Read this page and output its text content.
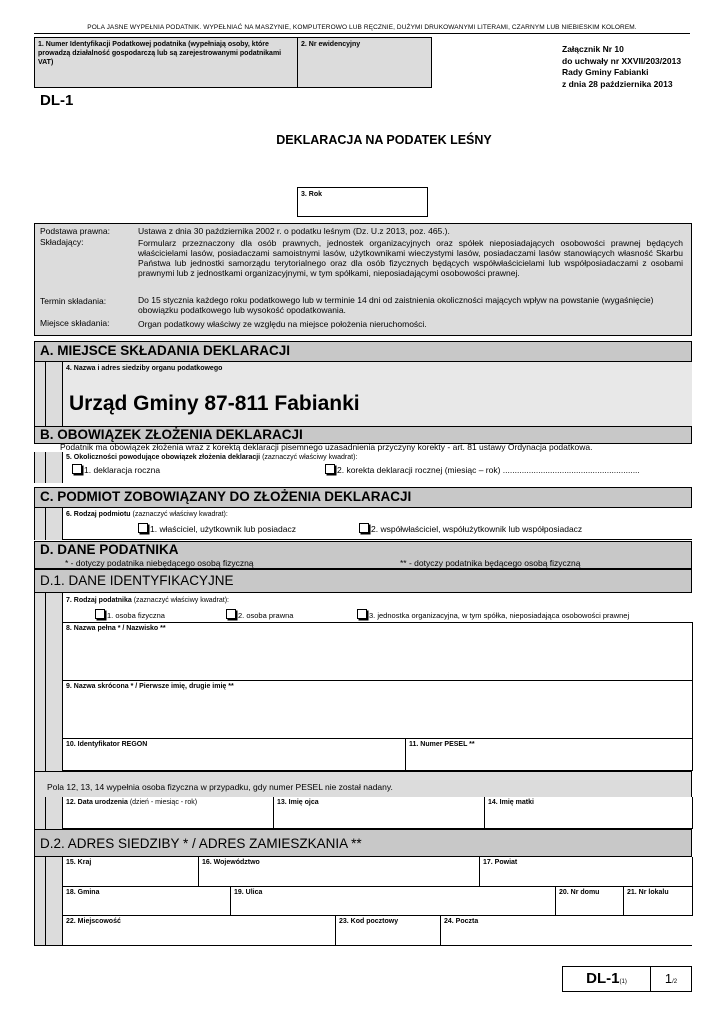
POLA JASNE WYPEŁNIA PODATNIK. WYPEŁNIAĆ NA MASZYNIE, KOMPUTEROWO LUB RĘCZNIE, DUŻYMI DRUKOWANYMI LITERAMI, CZARNYM LUB NIEBIESKIM KOLOREM.
1. Numer Identyfikacji Podatkowej podatnika (wypełniają osoby, które prowadzą działalność gospodarczą lub są zarejestrowanymi podatnikami VAT)
2. Nr ewidencyjny	Załącznik Nr 10
do uchwały nr XXVII/203/2013
Rady Gminy Fabianki
z dnia 28 października 2013
DL-1
DEKLARACJA NA PODATEK LEŚNY
3. Rok
Podstawa prawna:	Ustawa z dnia 30 października 2002 r. o podatku leśnym (Dz. U.z 2013, poz. 465.).
Składający:	Formularz przeznaczony dla osób prawnych, jednostek organizacyjnych oraz spółek nieposiadających osobowości prawnej będących właścicielami lasów, posiadaczami samoistnymi lasów, użytkownikami wieczystymi lasów, posiadaczami lasów stanowiących własność Skarbu Państwa lub jednostki samorządu terytorialnego oraz dla osób fizycznych będących współwłaścicielami lub współposiadaczami z osobami prawnymi lub z jednostkami organizacyjnymi, w tym spółkami, nieposiadającymi osobowości prawnej.
Termin składania:	Do 15 stycznia każdego roku podatkowego lub w terminie 14 dni od zaistnienia okoliczności mających wpływ na powstanie (wygaśnięcie) obowiązku podatkowego lub wysokość opodatkowania.
Miejsce składania:	Organ podatkowy właściwy ze względu na miejsce położenia nieruchomości.
A. MIEJSCE SKŁADANIA DEKLARACJI
4. Nazwa i adres siedziby organu podatkowego
Urząd Gminy 87-811 Fabianki
B. OBOWIĄZEK ZŁOŻENIA DEKLARACJI
Podatnik ma obowiązek złożenia wraz z korektą deklaracji pisemnego uzasadnienia przyczyny korekty - art. 81 ustawy Ordynacja podatkowa.
5. Okoliczności powodujące obowiązek złożenia deklaracji (zaznaczyć właściwy kwadrat):
1. deklaracja roczna	2. korekta deklaracji rocznej (miesiąc – rok) ..........................................................
C. PODMIOT ZOBOWIĄZANY DO ZŁOŻENIA DEKLARACJI
6. Rodzaj podmiotu (zaznaczyć właściwy kwadrat):
1. właściciel, użytkownik lub posiadacz	2. współwłaściciel, współużytkownik lub współposiadacz
D. DANE PODATNIKA
* - dotyczy podatnika niebędącego osobą fizyczną	** - dotyczy podatnika będącego osobą fizyczną
D.1. DANE IDENTYFIKACYJNE
7. Rodzaj podatnika (zaznaczyć właściwy kwadrat):
1. osoba fizyczna	2. osoba prawna	3. jednostka organizacyjna, w tym spółka, nieposiadająca osobowości prawnej
8. Nazwa pełna * / Nazwisko **
9. Nazwa skrócona * / Pierwsze imię, drugie imię **
10. Identyfikator REGON	11. Numer PESEL **
Pola 12, 13, 14 wypełnia osoba fizyczna w przypadku, gdy numer PESEL nie został nadany.
12. Data urodzenia (dzień - miesiąc - rok)	13. Imię ojca	14. Imię matki
D.2. ADRES SIEDZIBY * / ADRES ZAMIESZKANIA **
15. Kraj	16. Województwo	17. Powiat
18. Gmina	19. Ulica	20. Nr domu	21. Nr lokalu
22. Miejscowość	23. Kod pocztowy	24. Poczta
DL-1(1)	1/2
